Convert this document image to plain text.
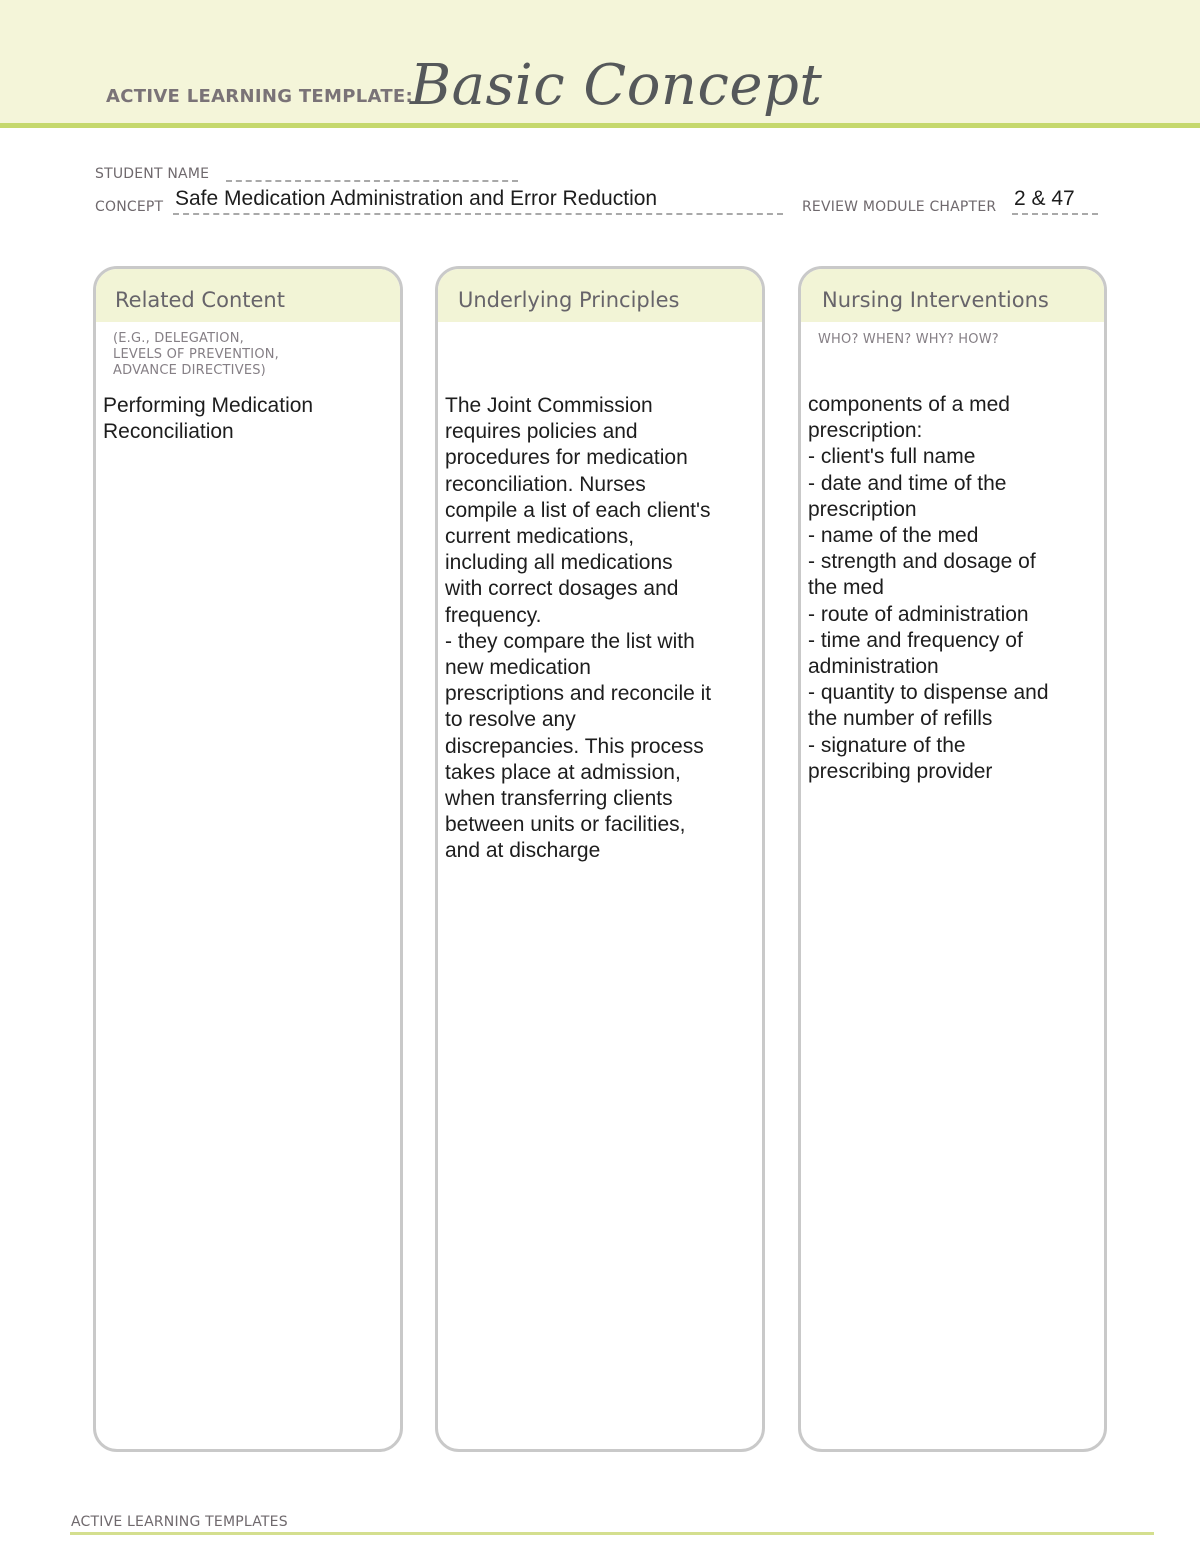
ACTIVE LEARNING TEMPLATE:
Basic Concept
STUDENT NAME
CONCEPT Safe Medication Administration and Error Reduction	REVIEW MODULE CHAPTER 2 & 47
Related Content
(E.G., DELEGATION,
LEVELS OF PREVENTION,
ADVANCE DIRECTIVES)
Performing Medication
Reconciliation
Underlying Principles
The Joint Commission
requires policies and
procedures for medication
reconciliation. Nurses
compile a list of each client's
current medications,
including all medications
with correct dosages and
frequency.
- they compare the list with
new medication
prescriptions and reconcile it
to resolve any
discrepancies. This process
takes place at admission,
when transferring clients
between units or facilities,
and at discharge
Nursing Interventions
WHO? WHEN? WHY? HOW?
components of a med
prescription:
- client's full name
- date and time of the
prescription
- name of the med
- strength and dosage of
the med
- route of administration
- time and frequency of
administration
- quantity to dispense and
the number of refills
- signature of the
prescribing provider
ACTIVE LEARNING TEMPLATES
